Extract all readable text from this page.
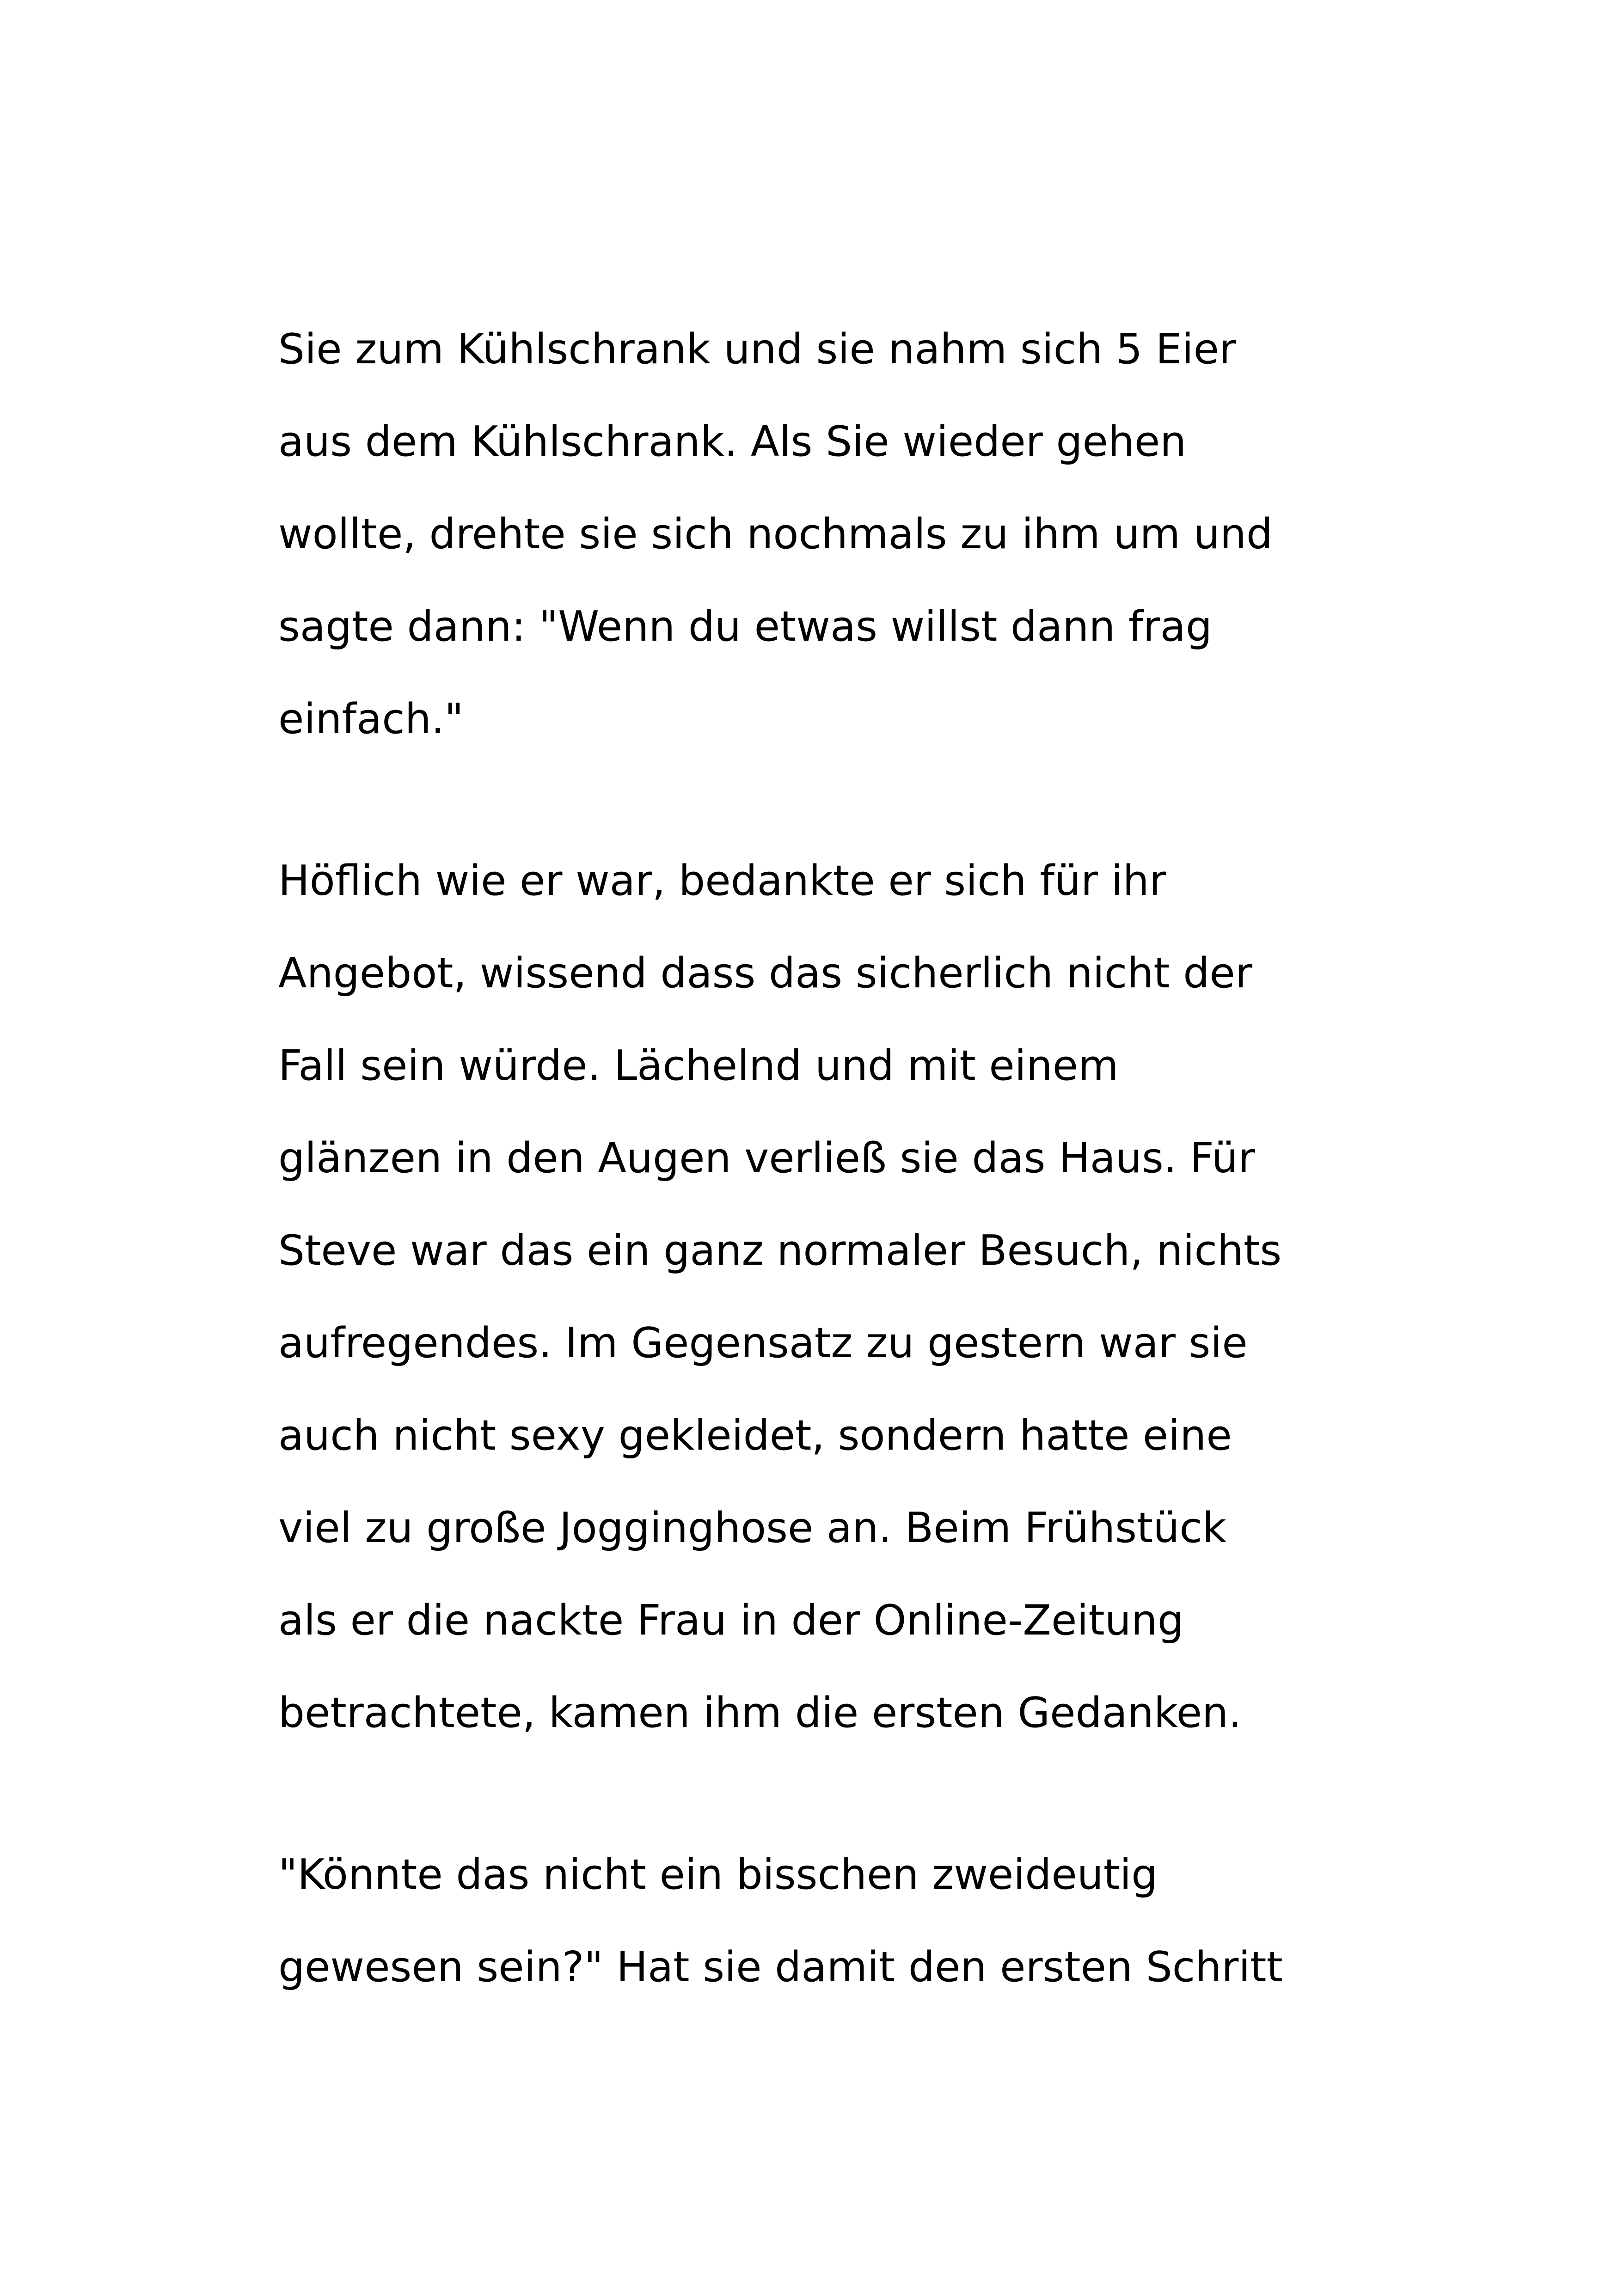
Sie zum Kühlschrank und sie nahm sich 5 Eier
aus dem Kühlschrank. Als Sie wieder gehen
wollte, drehte sie sich nochmals zu ihm um und
sagte dann: "Wenn du etwas willst dann frag
einfach."
Höflich wie er war, bedankte er sich für ihr
Angebot, wissend dass das sicherlich nicht der
Fall sein würde. Lächelnd und mit einem
glänzen in den Augen verließ sie das Haus. Für
Steve war das ein ganz normaler Besuch, nichts
aufregendes. Im Gegensatz zu gestern war sie
auch nicht sexy gekleidet, sondern hatte eine
viel zu große Jogginghose an. Beim Frühstück
als er die nackte Frau in der Online-Zeitung
betrachtete, kamen ihm die ersten Gedanken.
"Könnte das nicht ein bisschen zweideutig
gewesen sein?" Hat sie damit den ersten Schritt
